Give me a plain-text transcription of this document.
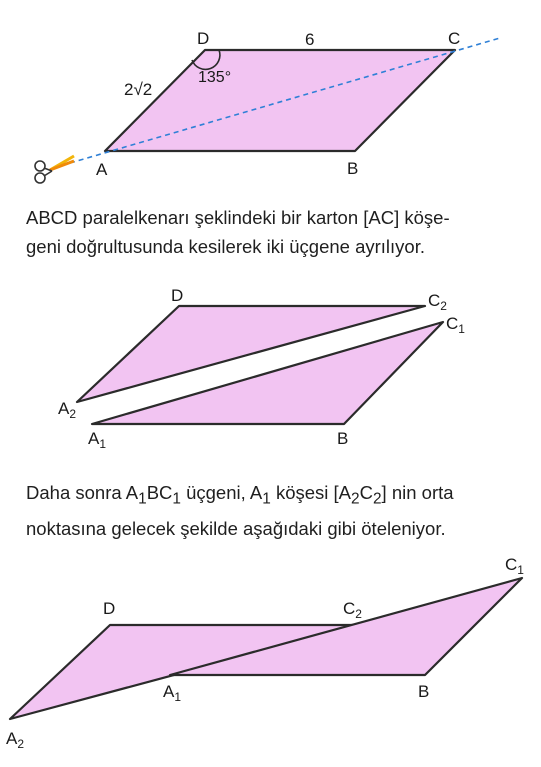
D	6	C
2√2
135°
A	B

ABCD paralelkenarı şeklindeki bir karton [AC] köşe-
geni doğrultusunda kesilerek iki üçgene ayrılıyor.

D	$C_2$
$C_1$
$A_2$
$A_1$	B

Daha sonra $A_1BC_1$ üçgeni, $A_1$ köşesi $[A_2C_2]$ nin orta
noktasına gelecek şekilde aşağıdaki gibi öteleniyor.

D	$C_2$
$C_1$
$A_1$	B
$A_2$
